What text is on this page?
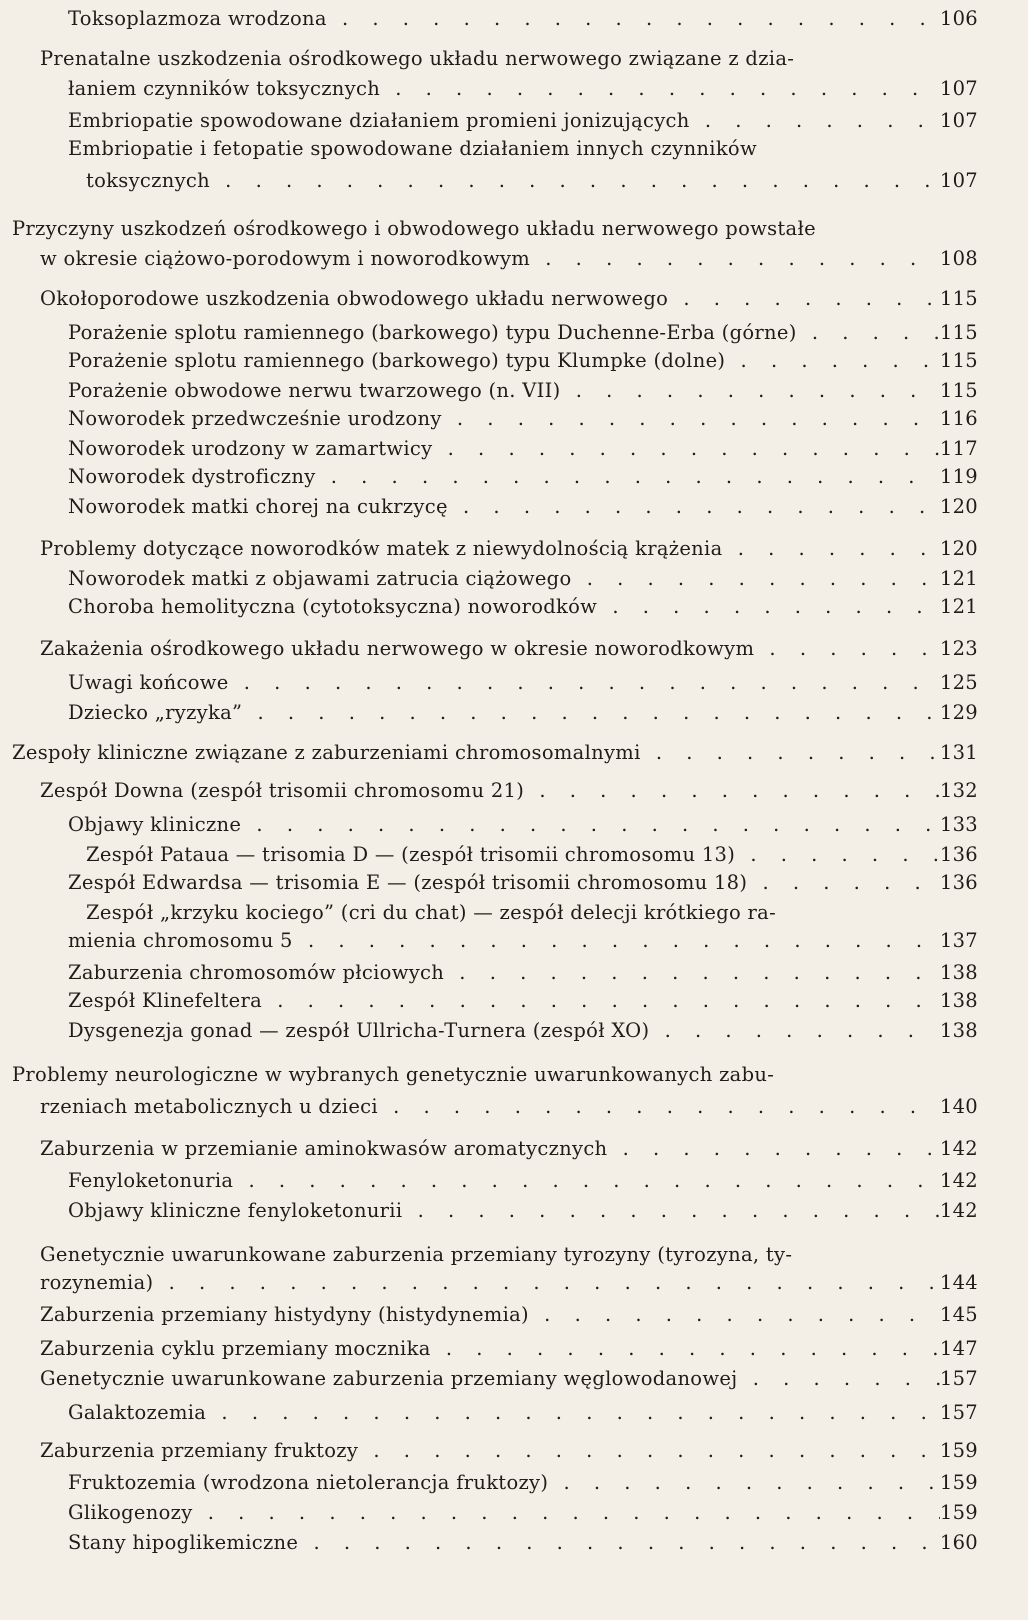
Toksoplazmoza wrodzona . . .	106
Prenatalne uszkodzenia ośrodkowego układu nerwowego związane z dzia-
łaniem czynników toksycznych . . .	107
Embriopatie spowodowane działaniem promieni jonizujących . . .	107
Embriopatie i fetopatie spowodowane działaniem innych czynników
toksycznych . . .	107
Przyczyny uszkodzeń ośrodkowego i obwodowego układu nerwowego powstałe
w okresie ciążowo-porodowym i noworodkowym . . .	108
Okołoporodowe uszkodzenia obwodowego układu nerwowego . . .	115
Porażenie splotu ramiennego (barkowego) typu Duchenne-Erba (górne) . . .	115
Porażenie splotu ramiennego (barkowego) typu Klumpke (dolne) . . .	115
Porażenie obwodowe nerwu twarzowego (n. VII) . . .	115
Noworodek przedwcześnie urodzony . . .	116
Noworodek urodzony w zamartwicy . . .	117
Noworodek dystroficzny . . .	119
Noworodek matki chorej na cukrzycę . . .	120
Problemy dotyczące noworodków matek z niewydolnością krążenia . . .	120
Noworodek matki z objawami zatrucia ciążowego . . .	121
Choroba hemolityczna (cytotoksyczna) noworodków . . .	121
Zakażenia ośrodkowego układu nerwowego w okresie noworodkowym . . .	123
Uwagi końcowe . . .	125
Dziecko „ryzyka” . . .	129
Zespoły kliniczne związane z zaburzeniami chromosomalnymi . . .	131
Zespół Downa (zespół trisomii chromosomu 21) . . .	132
Objawy kliniczne . . .	133
Zespół Pataua — trisomia D — (zespół trisomii chromosomu 13) . . .	136
Zespół Edwardsa — trisomia E — (zespół trisomii chromosomu 18) . . .	136
Zespół „krzyku kociego” (cri du chat) — zespół delecji krótkiego ra-
mienia chromosomu 5 . . .	137
Zaburzenia chromosomów płciowych . . .	138
Zespół Klinefeltera . . .	138
Dysgenezja gonad — zespół Ullricha-Turnera (zespół XO) . . .	138
Problemy neurologiczne w wybranych genetycznie uwarunkowanych zabu-
rzeniach metabolicznych u dzieci . . .	140
Zaburzenia w przemianie aminokwasów aromatycznych . . .	142
Fenyloketonuria . . .	142
Objawy kliniczne fenyloketonurii . . .	142
Genetycznie uwarunkowane zaburzenia przemiany tyrozyny (tyrozyna, ty-
rozynemia) . . .	144
Zaburzenia przemiany histydyny (histydynemia) . . .	145
Zaburzenia cyklu przemiany mocznika . . .	147
Genetycznie uwarunkowane zaburzenia przemiany węglowodanowej . . .	157
Galaktozemia . . .	157
Zaburzenia przemiany fruktozy . . .	159
Fruktozemia (wrodzona nietolerancja fruktozy) . . .	159
Glikogenozy . . .	159
Stany hipoglikemiczne . . .	160
